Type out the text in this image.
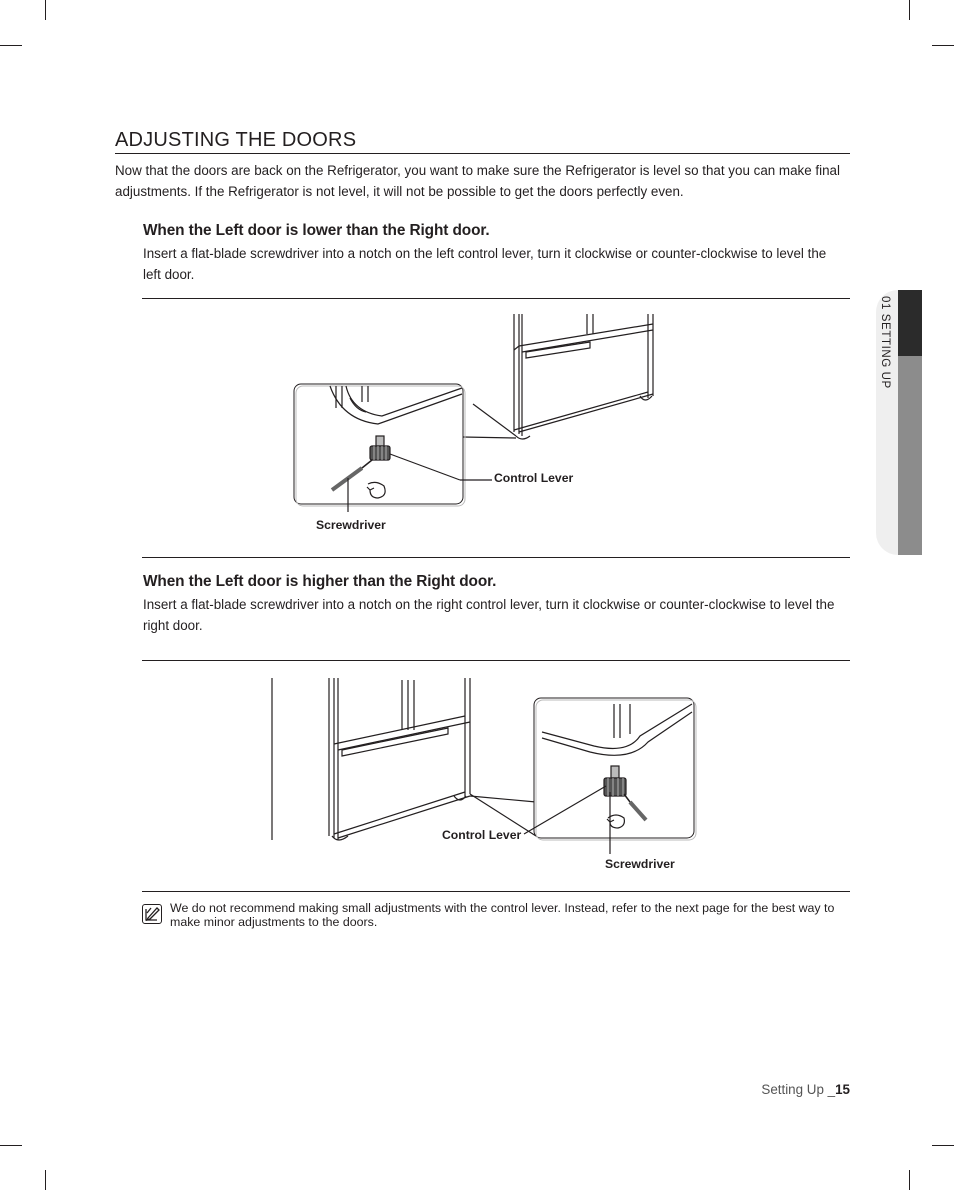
ADJUSTING THE DOORS

Now that the doors are back on the Refrigerator, you want to make sure the Refrigerator is level so that you can make final adjustments. If the Refrigerator is not level, it will not be possible to get the doors perfectly even.

When the Left door is lower than the Right door.

Insert a flat-blade screwdriver into a notch on the left control lever, turn it clockwise or counter-clockwise to level the left door.

Control Lever
Screwdriver
When the Left door is higher than the Right door.

Insert a flat-blade screwdriver into a notch on the right control lever, turn it clockwise or counter-clockwise to level the right door.

Control Lever
Screwdriver

We do not recommend making small adjustments with the control lever. Instead, refer to the next page for the best way to make minor adjustments to the doors.

01 SETTING UP
Setting Up _15
